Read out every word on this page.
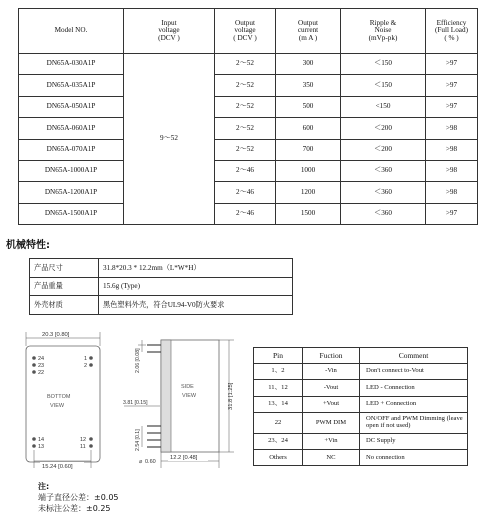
Model NO.	Input
voltage
(DCV )	Output
voltage
( DCV )	Output
current
(m A )	Ripple &
Noise
(mVp-pk)	Efficiency
(Full Load)
( % )
DN65A-030A1P	9～52	2～52	300	＜150	>97
DN65A-035A1P		2～52	350	＜150	>97
DN65A-050A1P		2～52	500	<150	>97
DN65A-060A1P		2～52	600	＜200	>98
DN65A-070A1P		2～52	700	＜200	>98
DN65A-1000A1P		2～46	1000	＜360	>98
DN65A-1200A1P		2～46	1200	＜360	>98
DN65A-1500A1P		2～46	1500	＜360	>97
机械特性:
产品尺寸	31.8*20.3 * 12.2mm（L*W*H）
产品重量	15.6g (Type)
外壳材质	黑色塑料外壳，符合UL94-V0防火要求
20.3 [0.80]
BOTTOM
VIEW
24
23
22
1
2
14
13
12
11
15.24 [0.60]
SIDE
VIEW	31.8 [1.25]
2.06 [0.08]
3.81 [0.15]
2.54 [0.1]
⌀ 0.60
12.2 [0.48]
Pin	Fuction	Comment
1、2	-Vin	Don't connect to-Vout
11、12	-Vout	LED - Connection
13、14	+Vout	LED + Connection
22	PWM DIM	ON/OFF and PWM Dimming (leave open if not used)
23、24	+Vin	DC Supply
Others	NC	No connection
注:
端子直径公差：±0.05
未标注公差：±0.25
